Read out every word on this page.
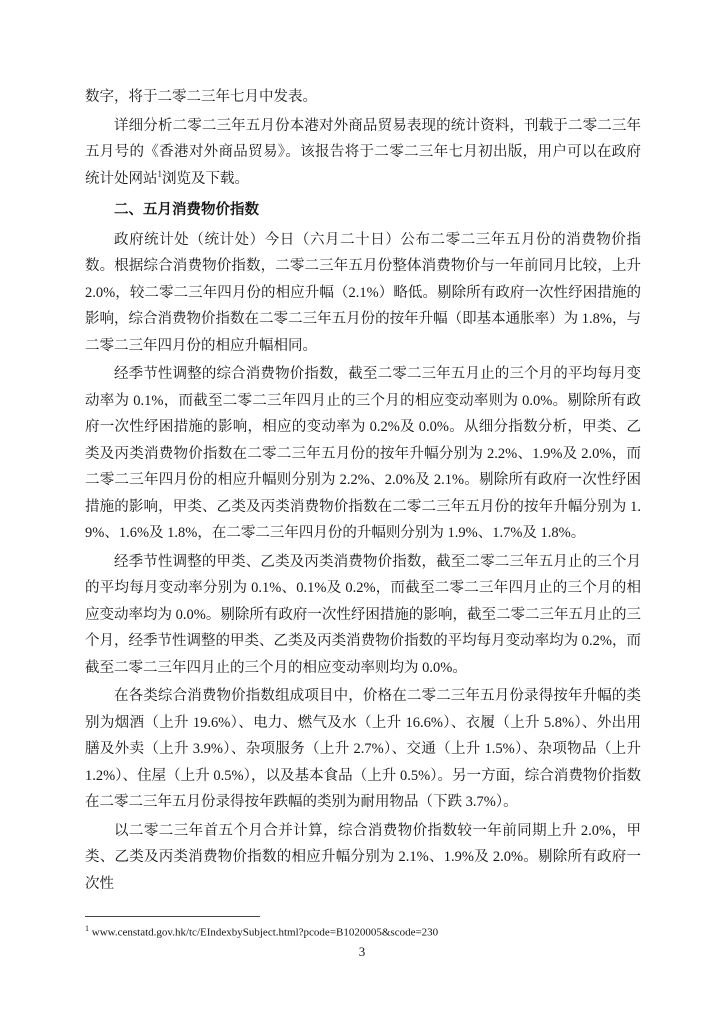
数字，将于二零二三年七月中发表。

详细分析二零二三年五月份本港对外商品贸易表现的统计资料，刊载于二零二三年五月号的《香港对外商品贸易》。该报告将于二零二三年七月初出版，用户可以在政府统计处网站$^1$浏览及下载。

二、五月消费物价指数

政府统计处（统计处）今日（六月二十日）公布二零二三年五月份的消费物价指数。根据综合消费物价指数，二零二三年五月份整体消费物价与一年前同月比较，上升 2.0%，较二零二三年四月份的相应升幅（2.1%）略低。剔除所有政府一次性纾困措施的影响，综合消费物价指数在二零二三年五月份的按年升幅（即基本通胀率）为 1.8%，与二零二三年四月份的相应升幅相同。

经季节性调整的综合消费物价指数，截至二零二三年五月止的三个月的平均每月变动率为 0.1%，而截至二零二三年四月止的三个月的相应变动率则为 0.0%。剔除所有政府一次性纾困措施的影响，相应的变动率为 0.2%及 0.0%。从细分指数分析，甲类、乙类及丙类消费物价指数在二零二三年五月份的按年升幅分别为 2.2%、1.9%及 2.0%，而二零二三年四月份的相应升幅则分别为 2.2%、2.0%及 2.1%。剔除所有政府一次性纾困措施的影响，甲类、乙类及丙类消费物价指数在二零二三年五月份的按年升幅分别为 1.9%、1.6%及 1.8%，在二零二三年四月份的升幅则分别为 1.9%、1.7%及 1.8%。

经季节性调整的甲类、乙类及丙类消费物价指数，截至二零二三年五月止的三个月的平均每月变动率分别为 0.1%、0.1%及 0.2%，而截至二零二三年四月止的三个月的相应变动率均为 0.0%。剔除所有政府一次性纾困措施的影响，截至二零二三年五月止的三个月，经季节性调整的甲类、乙类及丙类消费物价指数的平均每月变动率均为 0.2%，而截至二零二三年四月止的三个月的相应变动率则均为 0.0%。

在各类综合消费物价指数组成项目中，价格在二零二三年五月份录得按年升幅的类别为烟酒（上升 19.6%）、电力、燃气及水（上升 16.6%）、衣履（上升 5.8%）、外出用膳及外卖（上升 3.9%）、杂项服务（上升 2.7%）、交通（上升 1.5%）、杂项物品（上升 1.2%）、住屋（上升 0.5%），以及基本食品（上升 0.5%）。另一方面，综合消费物价指数在二零二三年五月份录得按年跌幅的类别为耐用物品（下跌 3.7%）。

以二零二三年首五个月合并计算，综合消费物价指数较一年前同期上升 2.0%，甲类、乙类及丙类消费物价指数的相应升幅分别为 2.1%、1.9%及 2.0%。剔除所有政府一次性

$^1$ www.censtatd.gov.hk/tc/EIndexbySubject.html?pcode=B1020005&scode=230
3
